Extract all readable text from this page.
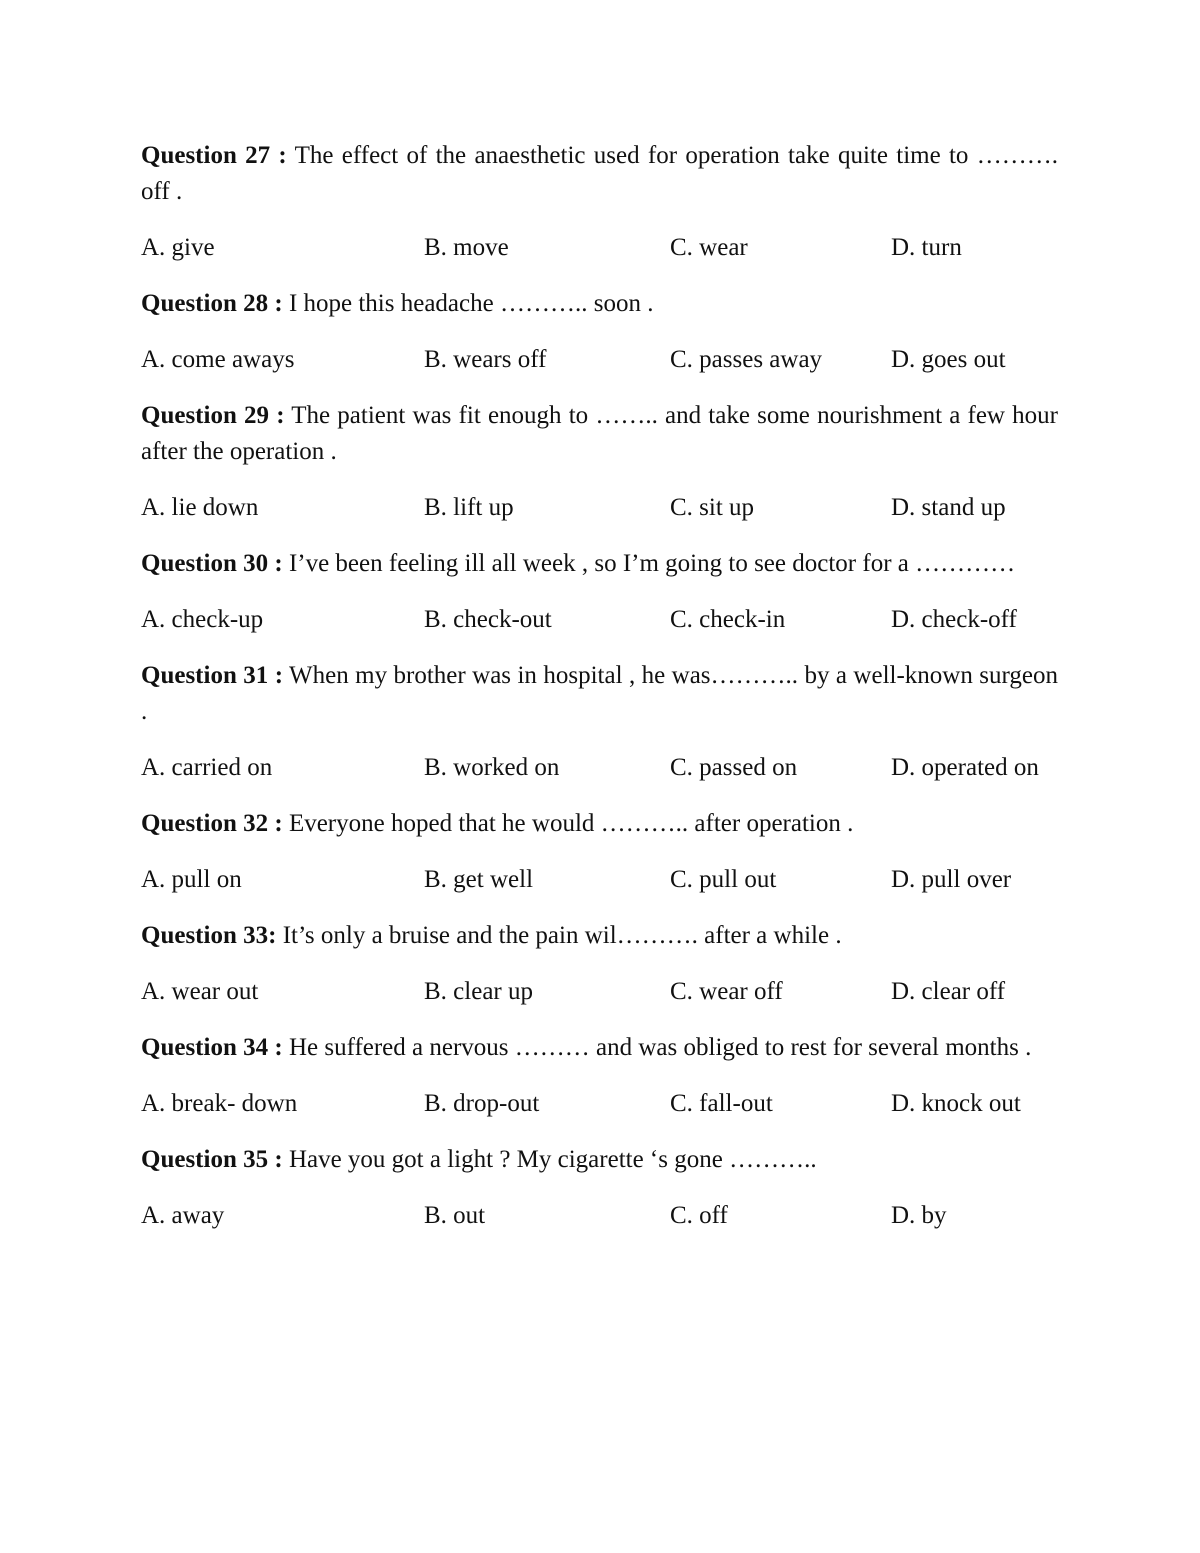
Question 27 : The effect of the anaesthetic used for operation take quite time to ………. off .

A. give	B. move	C. wear	D. turn

Question 28 : I hope this headache ……….. soon .

A. come aways	B. wears off	C. passes away	D. goes out

Question 29 : The patient was fit enough to …….. and take some nourishment a few hour after the operation .

A. lie down	B. lift up	C. sit up	D. stand up

Question 30 : I’ve been feeling ill all week , so I’m going to see doctor for a …………

A. check-up	B. check-out	C. check-in	D. check-off

Question 31 : When my brother was in hospital , he was……….. by a well-known surgeon .

A. carried on	B. worked on	C. passed on	D. operated on

Question 32 : Everyone hoped that he would ……….. after operation .

A. pull on	B. get well	C. pull out	D. pull over

Question 33: It’s only a bruise and the pain wil………. after a while .

A. wear out	B. clear up	C. wear off	D. clear off

Question 34 : He suffered a nervous ……… and was obliged to rest for several months .

A. break- down	B. drop-out	C. fall-out	D. knock out

Question 35 : Have you got a light ? My cigarette ‘s gone ………..

A. away	B. out	C. off	D. by
